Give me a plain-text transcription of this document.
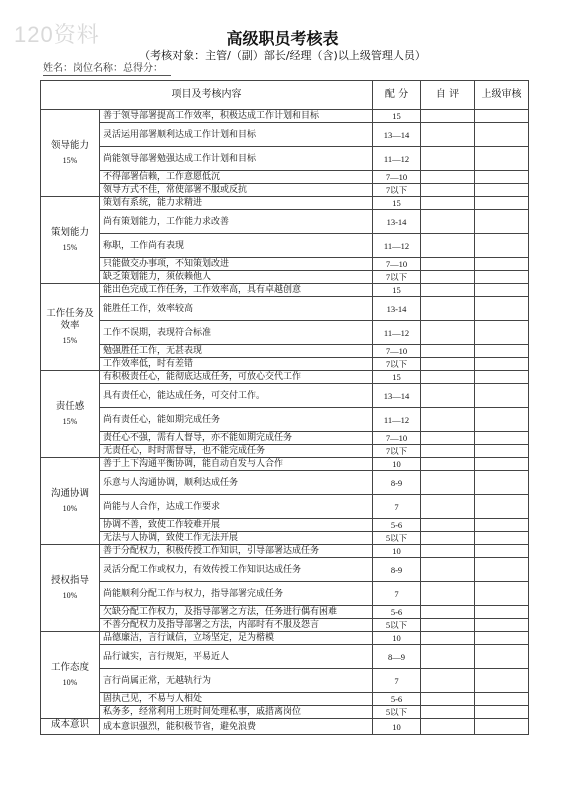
120资料	高级职员考核表
（考核对象：主管/（副）部长/经理（含)以上级管理人员）
姓名：岗位名称：总得分：
项目及考核内容		配 分	自 评	上级审核
领导能力
15%	善于领导部署提高工作效率，积极达成工作计划和目标	15		
	灵活运用部署顺利达成工作计划和目标	13—14		
	尚能领导部署勉强达成工作计划和目标	11—12		
	不得部署信赖，工作意愿低沉	7—10		
	领导方式不佳，常使部署不服或反抗	7以下		
策划能力
15%	策划有系统，能力求精进	15		
	尚有策划能力，工作能力求改善	13-14		
	称职，工作尚有表现	11—12		
	只能做交办事项，不知策划改进	7—10		
	缺乏策划能力，须依赖他人	7以下		
工作任务及效率
15%	能出色完成工作任务，工作效率高，具有卓越创意	15		
	能胜任工作，效率较高	13-14		
	工作不误期，表现符合标准	11—12		
	勉强胜任工作，无甚表现	7—10		
	工作效率低，时有差错	7以下		
责任感
15%	有积极责任心，能彻底达成任务，可放心交代工作	15		
	具有责任心，能达成任务，可交付工作。	13—14		
	尚有责任心，能如期完成任务	11—12		
	责任心不强，需有人督导，亦不能如期完成任务	7—10		
	无责任心，时时需督导，也不能完成任务	7以下		
沟通协调
10%	善于上下沟通平衡协调，能自动自发与人合作	10		
	乐意与人沟通协调，顺利达成任务	8-9		
	尚能与人合作，达成工作要求	7		
	协调不善，致使工作较难开展	5-6		
	无法与人协调，致使工作无法开展	5以下		
授权指导
10%	善于分配权力，积极传授工作知识，引导部署达成任务	10		
	灵活分配工作或权力，有效传授工作知识达成任务	8-9		
	尚能顺利分配工作与权力，指导部署完成任务	7		
	欠缺分配工作权力，及指导部署之方法，任务进行偶有困难	5-6		
	不善分配权力及指导部署之方法，内部时有不服及怨言	5以下		
工作态度
10%	品德廉洁，言行诚信，立场坚定，足为楷模	10		
	品行诚实，言行规矩，平易近人	8—9		
	言行尚属正常，无越轨行为	7		
	固执己见，不易与人相处	5-6		
	私务多，经常利用上班时间处理私事，戚措离岗位	5以下		
成本意识	成本意识强烈，能积极节省，避免浪费	10		
